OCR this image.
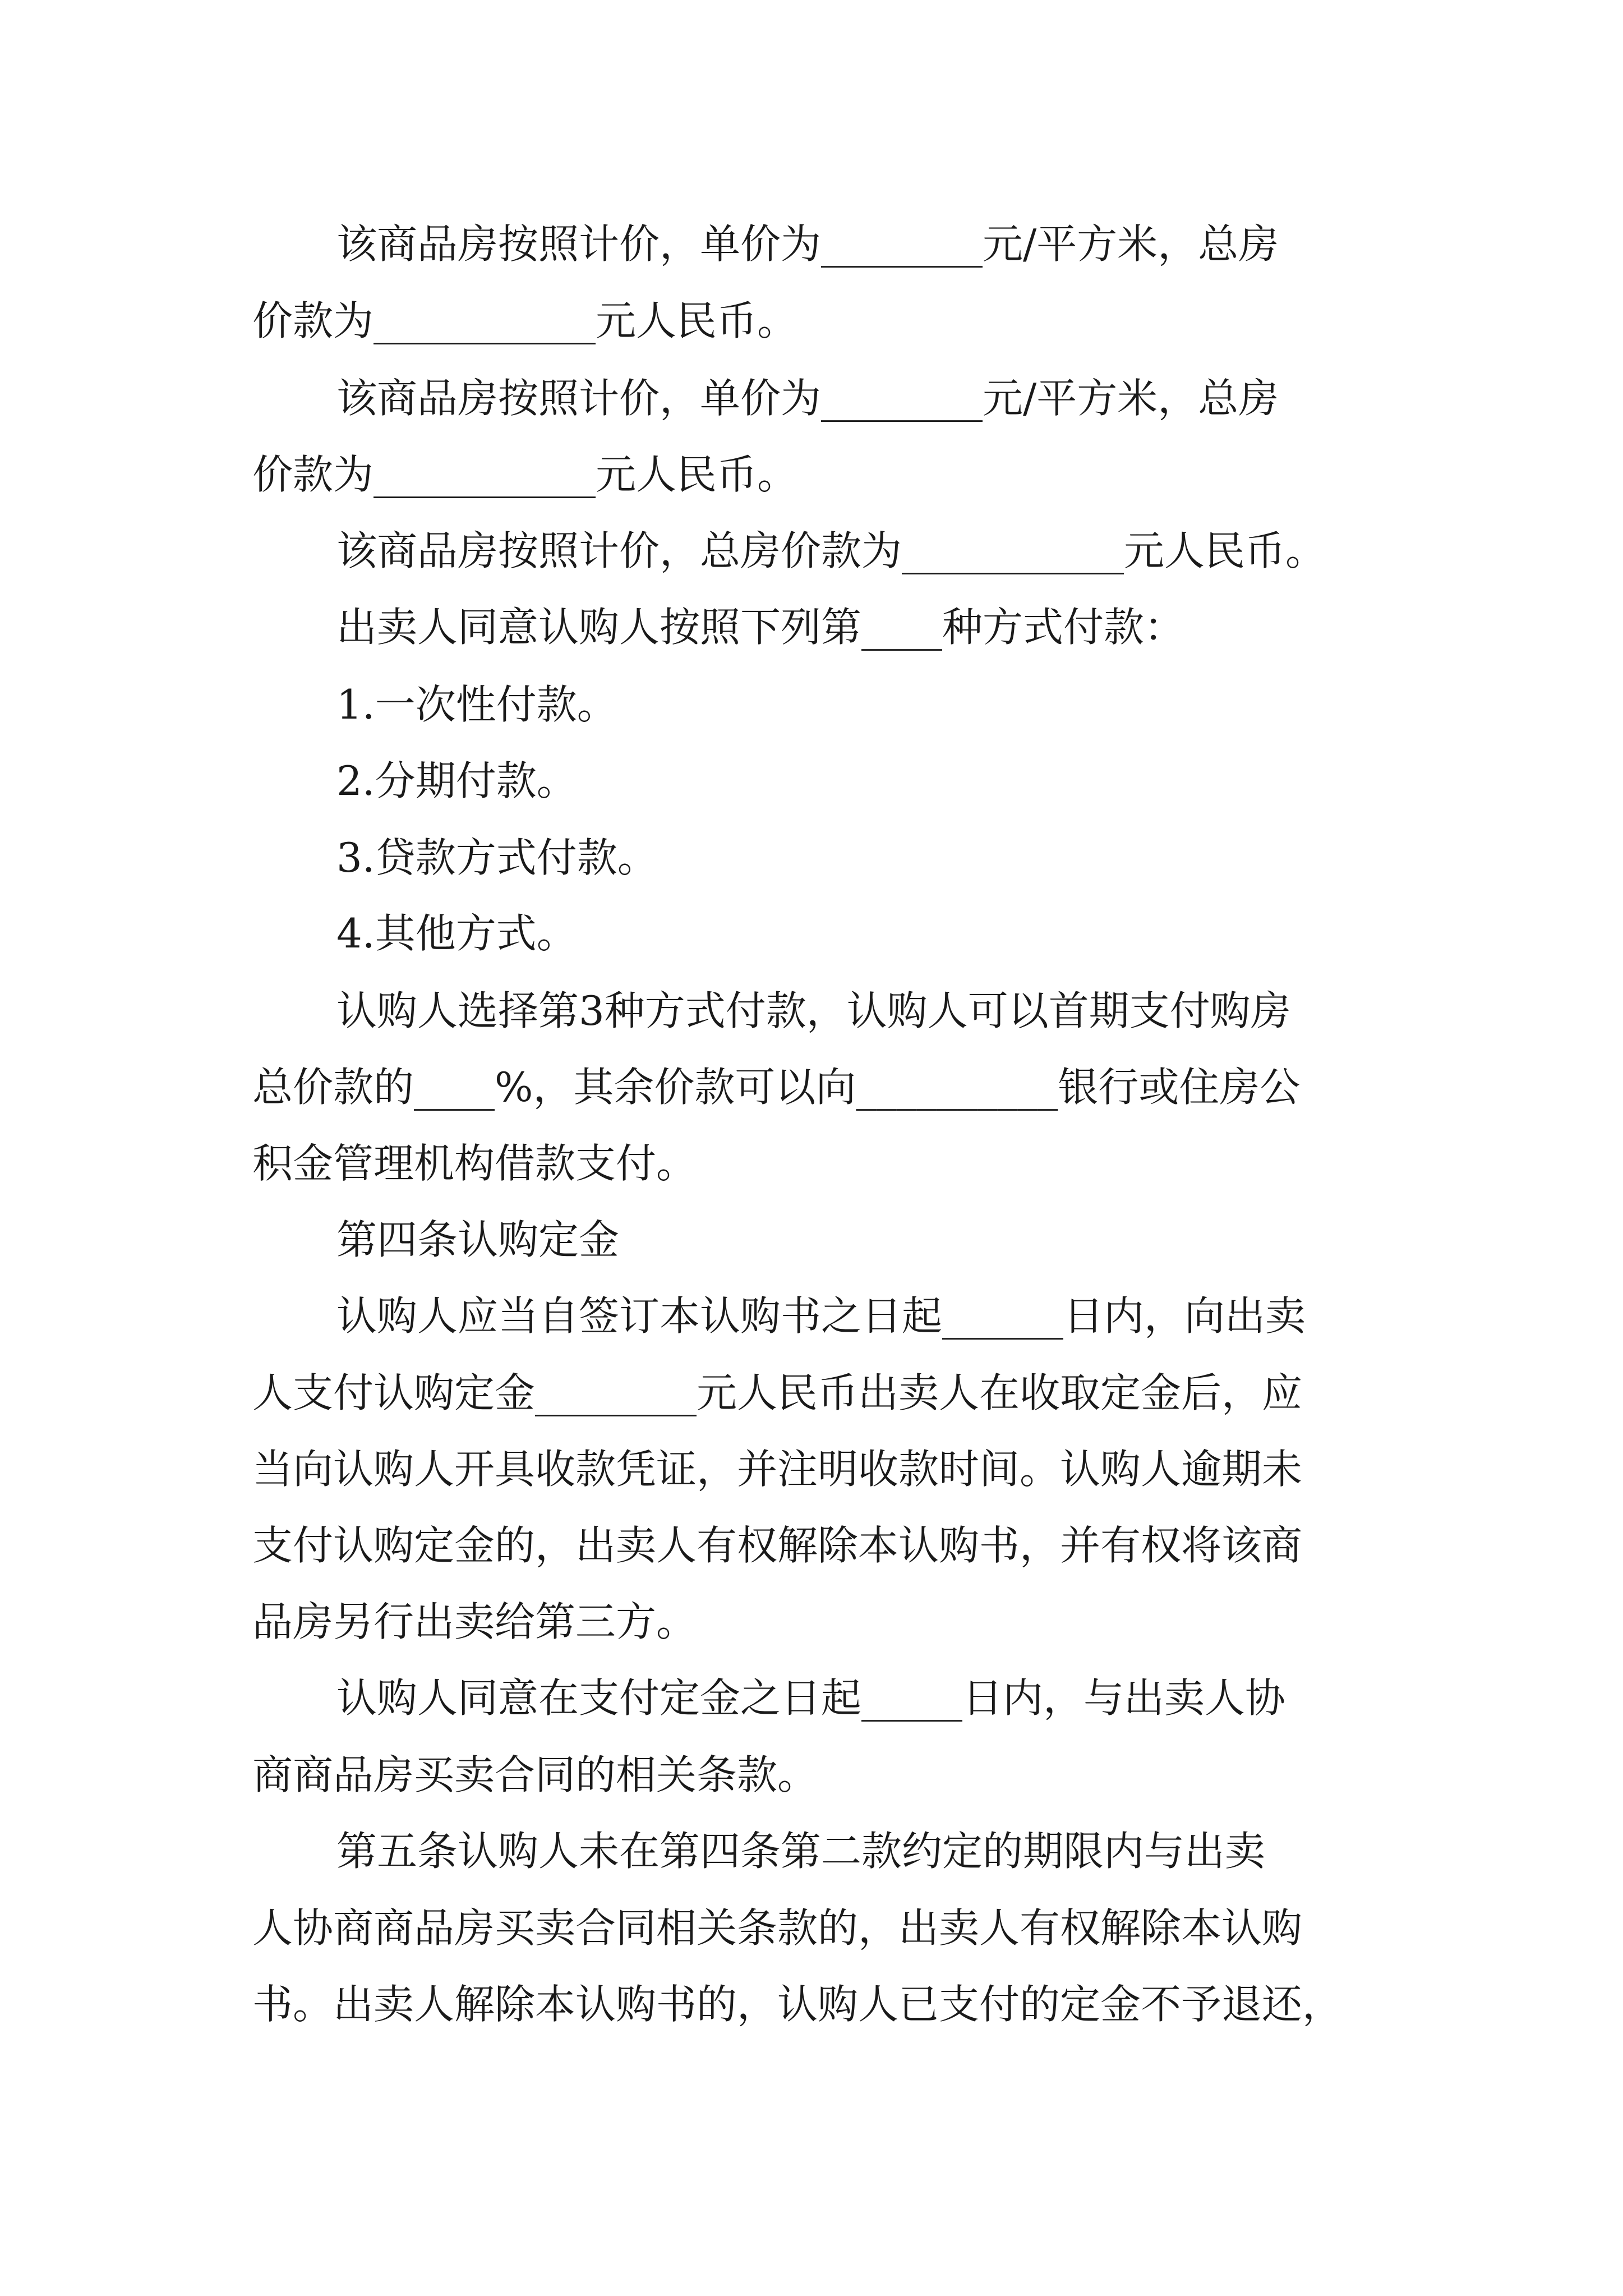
该商品房按照计价，单价为________元/平方米，总房
价款为___________元人民币。
该商品房按照计价，单价为________元/平方米，总房
价款为___________元人民币。
该商品房按照计价，总房价款为___________元人民币。
出卖人同意认购人按照下列第____种方式付款：
1.一次性付款。
2.分期付款。
3.贷款方式付款。
4.其他方式。
认购人选择第3种方式付款，认购人可以首期支付购房
总价款的____%，其余价款可以向__________银行或住房公
积金管理机构借款支付。
第四条认购定金
认购人应当自签订本认购书之日起______日内，向出卖
人支付认购定金________元人民币出卖人在收取定金后，应
当向认购人开具收款凭证，并注明收款时间。认购人逾期未
支付认购定金的，出卖人有权解除本认购书，并有权将该商
品房另行出卖给第三方。
认购人同意在支付定金之日起_____日内，与出卖人协
商商品房买卖合同的相关条款。
第五条认购人未在第四条第二款约定的期限内与出卖
人协商商品房买卖合同相关条款的，出卖人有权解除本认购
书。出卖人解除本认购书的，认购人已支付的定金不予退还，
